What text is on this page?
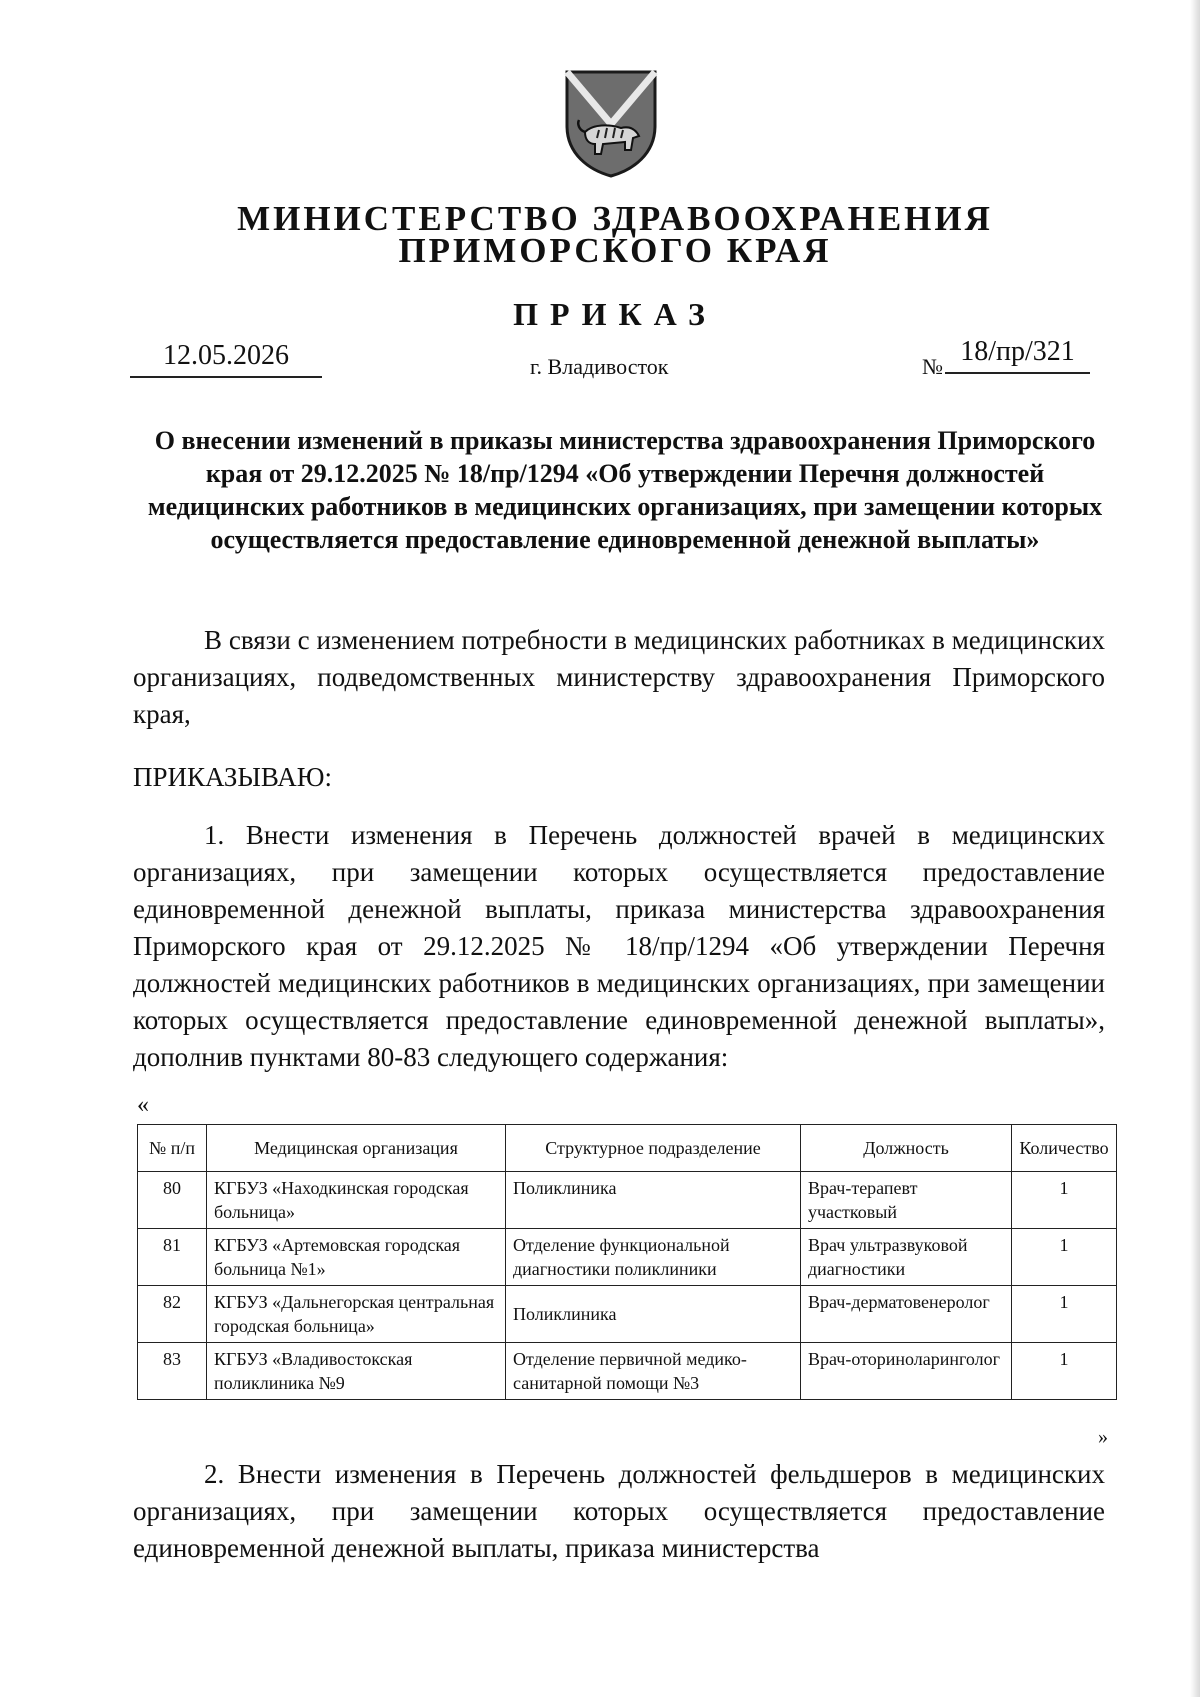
МИНИСТЕРСТВО ЗДРАВООХРАНЕНИЯ
ПРИМОРСКОГО КРАЯ
ПРИКАЗ
12.05.2026	г. Владивосток	№ 18/пр/321
О внесении изменений в приказы министерства здравоохранения Приморского края от 29.12.2025 № 18/пр/1294 «Об утверждении Перечня должностей медицинских работников в медицинских организациях, при замещении которых осуществляется предоставление единовременной денежной выплаты»
В связи с изменением потребности в медицинских работниках в медицинских организациях, подведомственных министерству здравоохранения Приморского края,
ПРИКАЗЫВАЮ:
1. Внести изменения в Перечень должностей врачей в медицинских организациях, при замещении которых осуществляется предоставление единовременной денежной выплаты, приказа министерства здравоохранения Приморского края от 29.12.2025 № 18/пр/1294 «Об утверждении Перечня должностей медицинских работников в медицинских организациях, при замещении которых осуществляется предоставление единовременной денежной выплаты», дополнив пунктами 80-83 следующего содержания:
«
№ п/п	Медицинская организация	Структурное подразделение	Должность	Количество
80	КГБУЗ «Находкинская городская больница»	Поликлиника	Врач-терапевт участковый	1
81	КГБУЗ «Артемовская городская больница №1»	Отделение функциональной диагностики поликлиники	Врач ультразвуковой диагностики	1
82	КГБУЗ «Дальнегорская центральная городская больница»	Поликлиника	Врач-дерматовенеролог	1
83	КГБУЗ «Владивостокская поликлиника №9	Отделение первичной медико-санитарной помощи №3	Врач-оториноларинголог	1
»
2. Внести изменения в Перечень должностей фельдшеров в медицинских организациях, при замещении которых осуществляется предоставление единовременной денежной выплаты, приказа министерства
